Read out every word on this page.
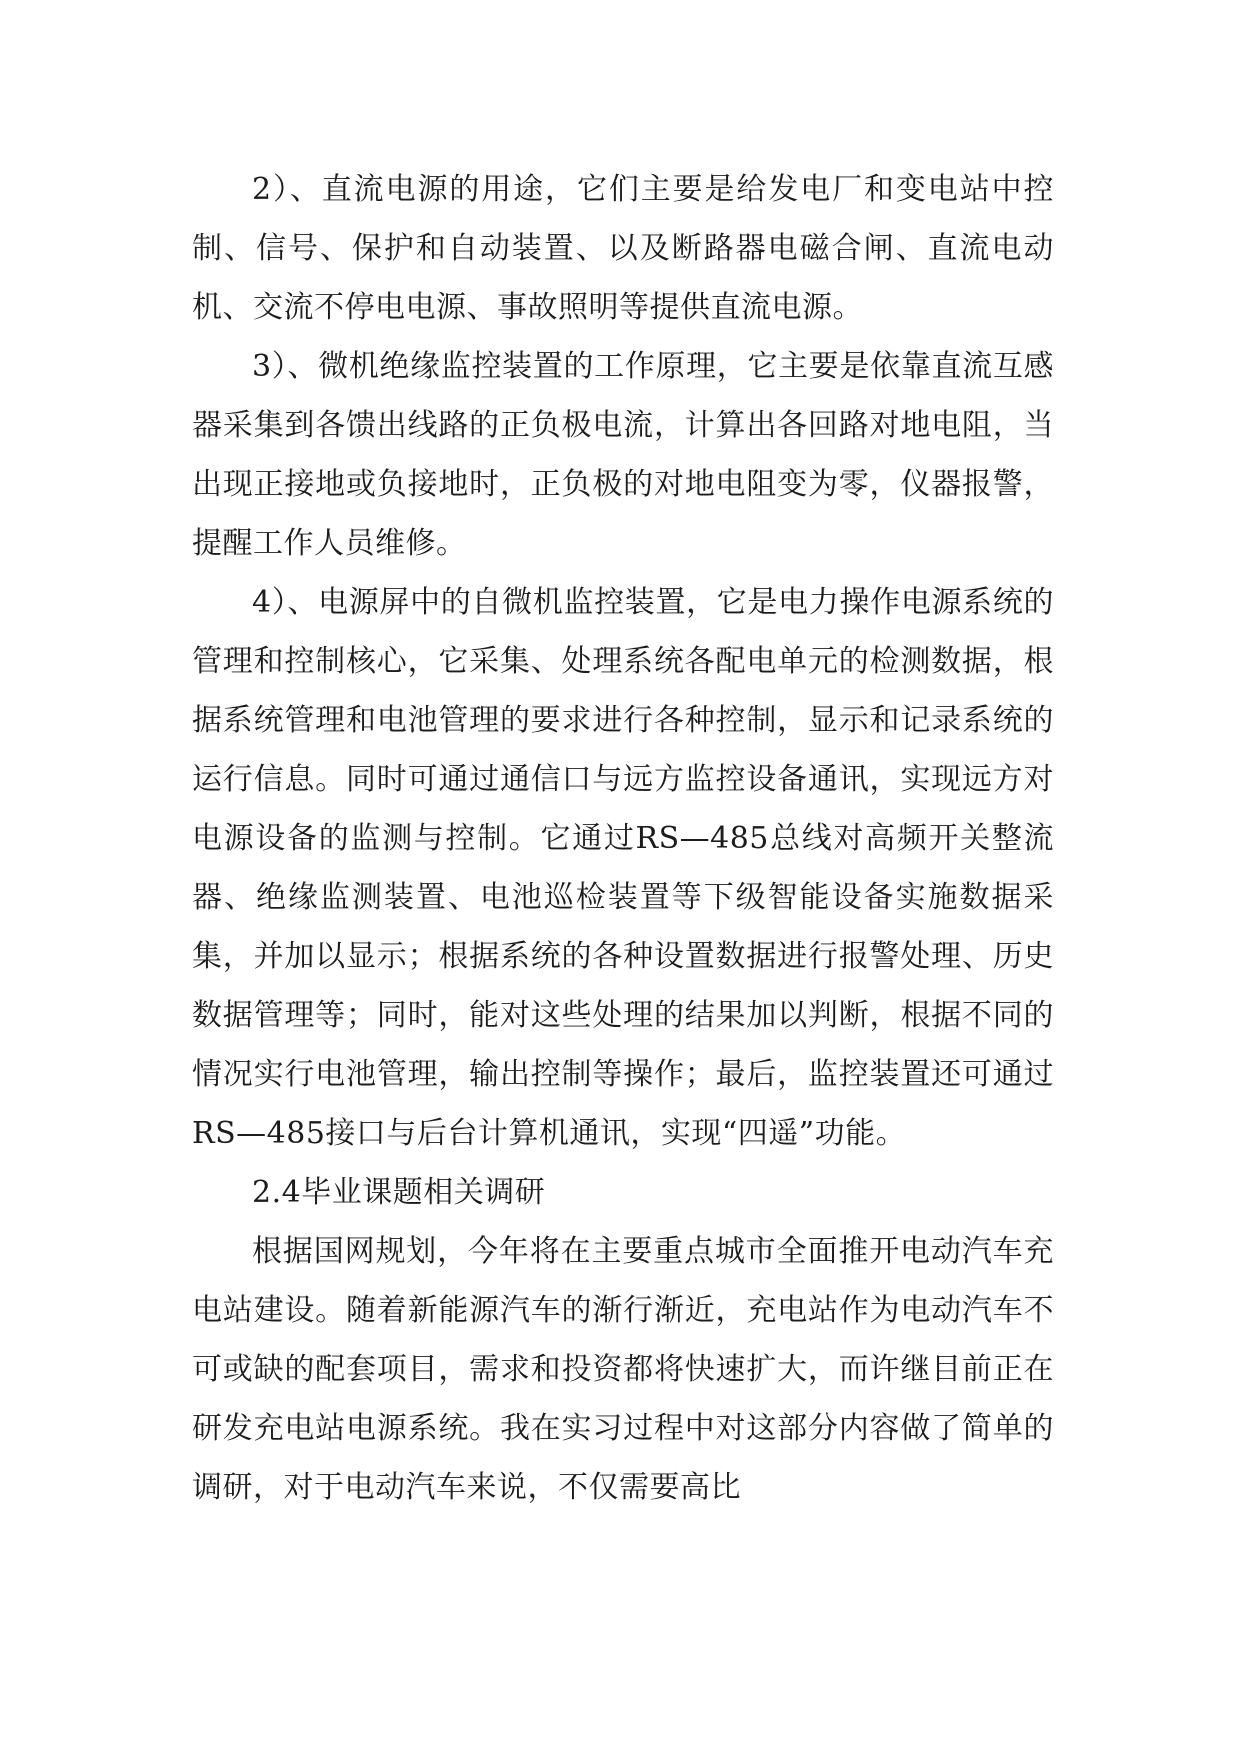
2）、直流电源的用途，它们主要是给发电厂和变电站中控制、信号、保护和自动装置、以及断路器电磁合闸、直流电动机、交流不停电电源、事故照明等提供直流电源。

3）、微机绝缘监控装置的工作原理，它主要是依靠直流互感器采集到各馈出线路的正负极电流，计算出各回路对地电阻，当出现正接地或负接地时，正负极的对地电阻变为零，仪器报警，提醒工作人员维修。

4）、电源屏中的自微机监控装置，它是电力操作电源系统的管理和控制核心，它采集、处理系统各配电单元的检测数据，根据系统管理和电池管理的要求进行各种控制，显示和记录系统的运行信息。同时可通过通信口与远方监控设备通讯，实现远方对电源设备的监测与控制。它通过RS—485总线对高频开关整流器、绝缘监测装置、电池巡检装置等下级智能设备实施数据采集，并加以显示；根据系统的各种设置数据进行报警处理、历史数据管理等；同时，能对这些处理的结果加以判断，根据不同的情况实行电池管理，输出控制等操作；最后，监控装置还可通过RS—485接口与后台计算机通讯，实现“四遥”功能。

2.4毕业课题相关调研

根据国网规划，今年将在主要重点城市全面推开电动汽车充电站建设。随着新能源汽车的渐行渐近，充电站作为电动汽车不可或缺的配套项目，需求和投资都将快速扩大，而许继目前正在研发充电站电源系统。我在实习过程中对这部分内容做了简单的调研，对于电动汽车来说，不仅需要高比
